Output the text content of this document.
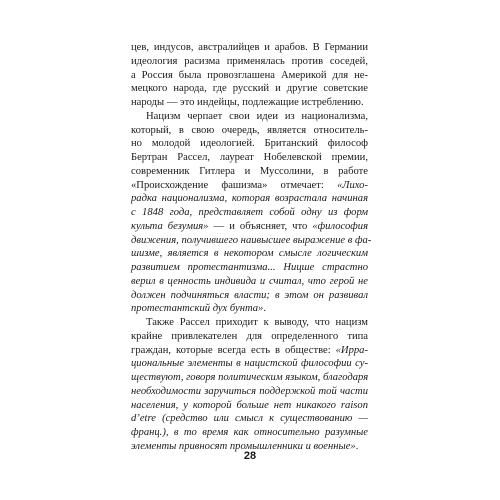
цев, индусов, австралийцев и арабов. В Германии
идеология расизма применялась против соседей,
а Россия была провозглашена Америкой для не-
мецкого народа, где русский и другие советские
народы — это индейцы, подлежащие истреблению.
Нацизм черпает свои идеи из национализма,
который, в свою очередь, является относитель-
но молодой идеологией. Британский философ
Бертран Рассел, лауреат Нобелевской премии,
современник Гитлера и Муссолини, в работе
«Происхождение фашизма» отмечает: «Лихо-
радка национализма, которая возрастала начиная
с 1848 года, представляет собой одну из форм
культа безумия» — и объясняет, что «философия
движения, получившего наивысшее выражение в фа-
шизме, является в некотором смысле логическим
развитием протестантизма... Ницше страстно
верил в ценность индивида и считал, что герой не
должен подчиняться власти; в этом он развивал
протестантский дух бунта».
Также Рассел приходит к выводу, что нацизм
крайне привлекателен для определенного типа
граждан, которые всегда есть в обществе: «Ирра-
циональные элементы в нацистской философии су-
ществуют, говоря политическим языком, благодаря
необходимости заручиться поддержкой той части
населения, у которой больше нет никакого raison
d’etre (средство или смысл к существованию —
франц.), в то время как относительно разумные
элементы привносят промышленники и военные».
28
